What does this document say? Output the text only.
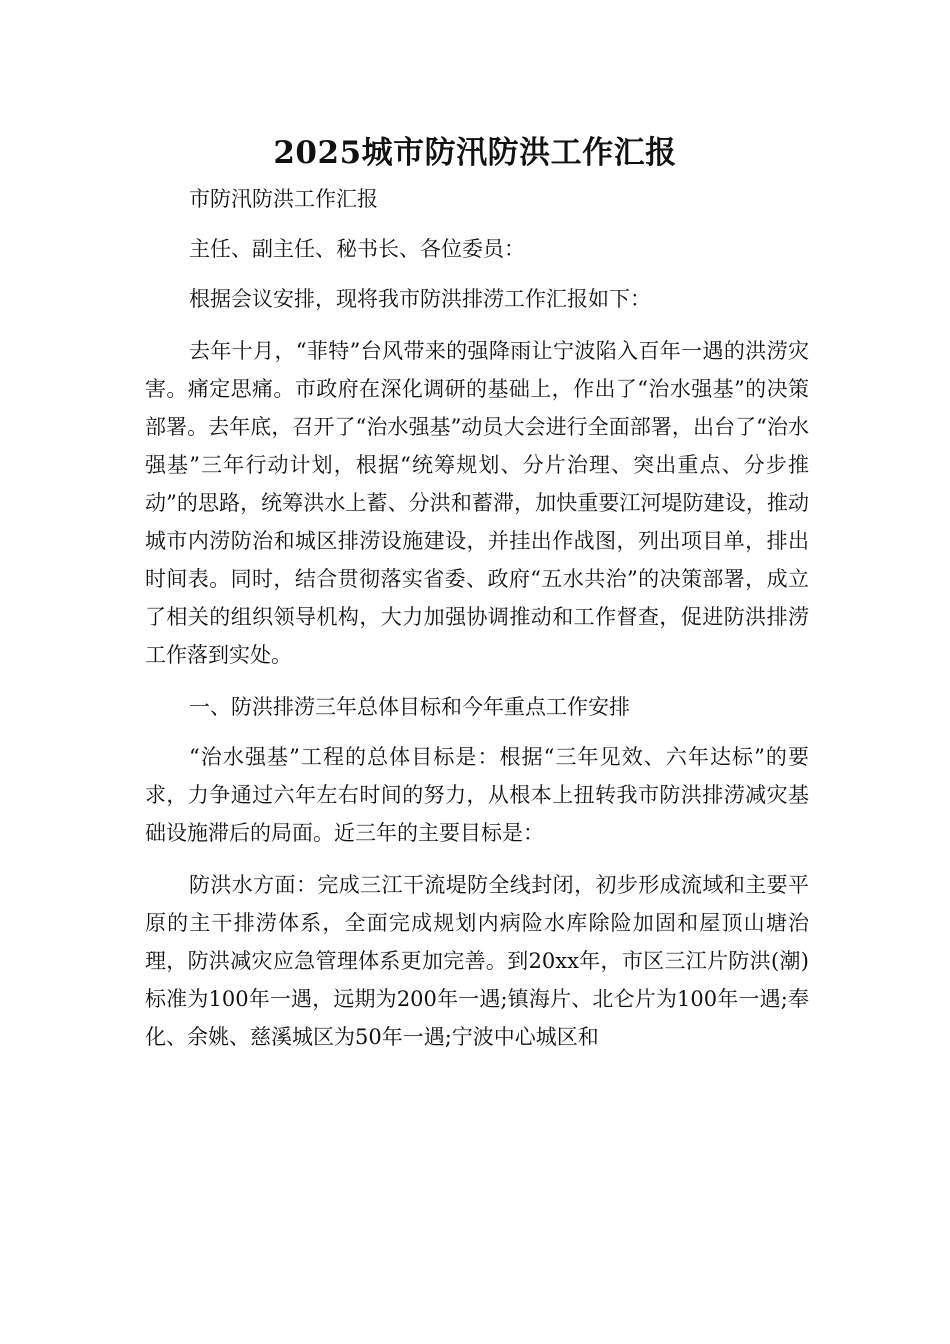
2025城市防汛防洪工作汇报

市防汛防洪工作汇报

主任、副主任、秘书长、各位委员：

根据会议安排，现将我市防洪排涝工作汇报如下：

去年十月，“菲特”台风带来的强降雨让宁波陷入百年一遇的洪涝灾害。痛定思痛。市政府在深化调研的基础上，作出了“治水强基”的决策部署。去年底，召开了“治水强基”动员大会进行全面部署，出台了“治水强基”三年行动计划，根据“统筹规划、分片治理、突出重点、分步推动”的思路，统筹洪水上蓄、分洪和蓄滞，加快重要江河堤防建设，推动城市内涝防治和城区排涝设施建设，并挂出作战图，列出项目单，排出时间表。同时，结合贯彻落实省委、政府“五水共治”的决策部署，成立了相关的组织领导机构，大力加强协调推动和工作督查，促进防洪排涝工作落到实处。

一、防洪排涝三年总体目标和今年重点工作安排

“治水强基”工程的总体目标是：根据“三年见效、六年达标”的要求，力争通过六年左右时间的努力，从根本上扭转我市防洪排涝减灾基础设施滞后的局面。近三年的主要目标是：

防洪水方面：完成三江干流堤防全线封闭，初步形成流域和主要平原的主干排涝体系，全面完成规划内病险水库除险加固和屋顶山塘治理，防洪减灾应急管理体系更加完善。到20xx年，市区三江片防洪(潮)标准为100年一遇，远期为200年一遇;镇海片、北仑片为100年一遇;奉化、余姚、慈溪城区为50年一遇;宁波中心城区和
